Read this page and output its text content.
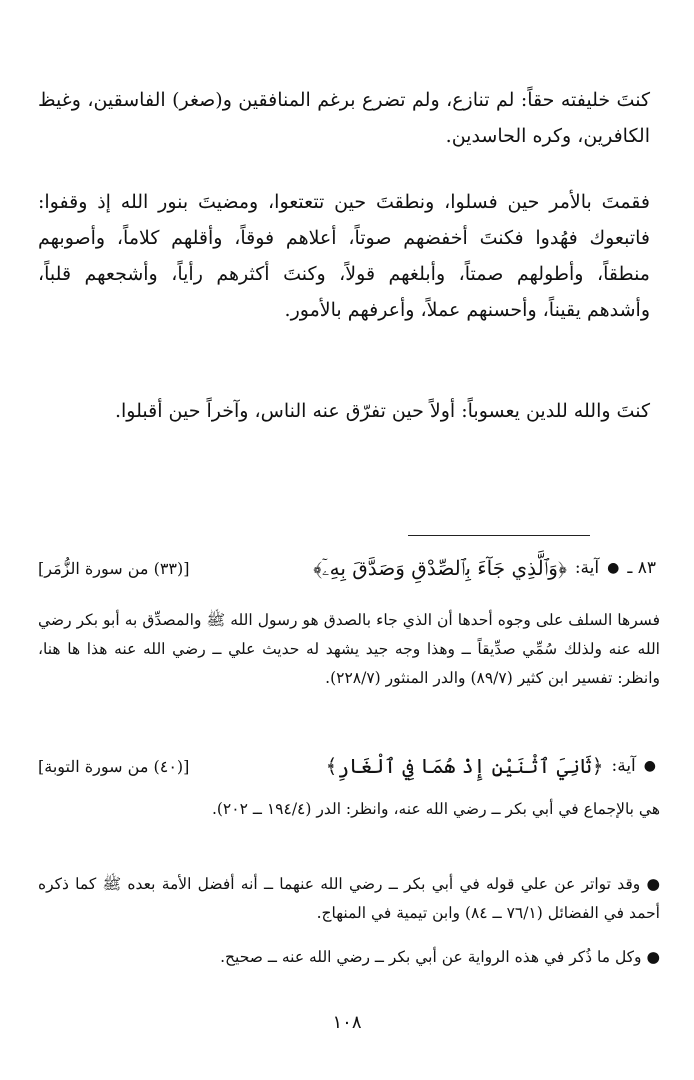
كنتَ خليفته حقاً: لم تنازع، ولم تضرع برغم المنافقين و(صغر) الفاسقين، وغيظ الكافرين، وكره الحاسدين.
فقمتَ بالأمر حين فسلوا، ونطقتَ حين تتعتعوا، ومضيتَ بنور الله إذ وقفوا: فاتبعوك فهُدوا فكنتَ أخفضهم صوتاً، أعلاهم فوقاً، وأقلهم كلاماً، وأصوبهم منطقاً، وأطولهم صمتاً، وأبلغهم قولاً، وكنتَ أكثرهم رأياً، وأشجعهم قلباً، وأشدهم يقيناً، وأحسنهم عملاً، وأعرفهم بالأمور.
كنتَ والله للدين يعسوباً: أولاً حين تفرّق عنه الناس، وآخراً حين أقبلوا.
٨٣ ـ
●
آية:
﴿وَٱلَّذِي جَآءَ بِٱلصِّدْقِ وَصَدَّقَ بِهِۦٓ﴾
[(٣٣) من سورة الزُّمَر]
فسرها السلف على وجوه أحدها أن الذي جاء بالصدق هو رسول الله ﷺ والمصدِّق به أبو بكر رضي الله عنه ولذلك سُمِّي صدِّيقاً ــ وهذا وجه جيد يشهد له حديث علي ــ رضي الله عنه هذا ها هنا، وانظر: تفسير ابن كثير (٨٩/٧) والدر المنثور (٢٢٨/٧).
●
آية:
﴿ثَانِيَ ٱثْنَيْنِ إِذْ هُمَا فِي ٱلْغَارِ﴾
[(٤٠) من سورة التوبة]
هي بالإجماع في أبي بكر ــ رضي الله عنه، وانظر: الدر (١٩٤/٤ ــ ٢٠٢).
● وقد تواتر عن علي قوله في أبي بكر ــ رضي الله عنهما ــ أنه أفضل الأمة بعده ﷺ كما ذكره أحمد في الفضائل (٧٦/١ ــ ٨٤) وابن تيمية في المنهاج.
● وكل ما ذُكر في هذه الرواية عن أبي بكر ــ رضي الله عنه ــ صحيح.
١٠٨
